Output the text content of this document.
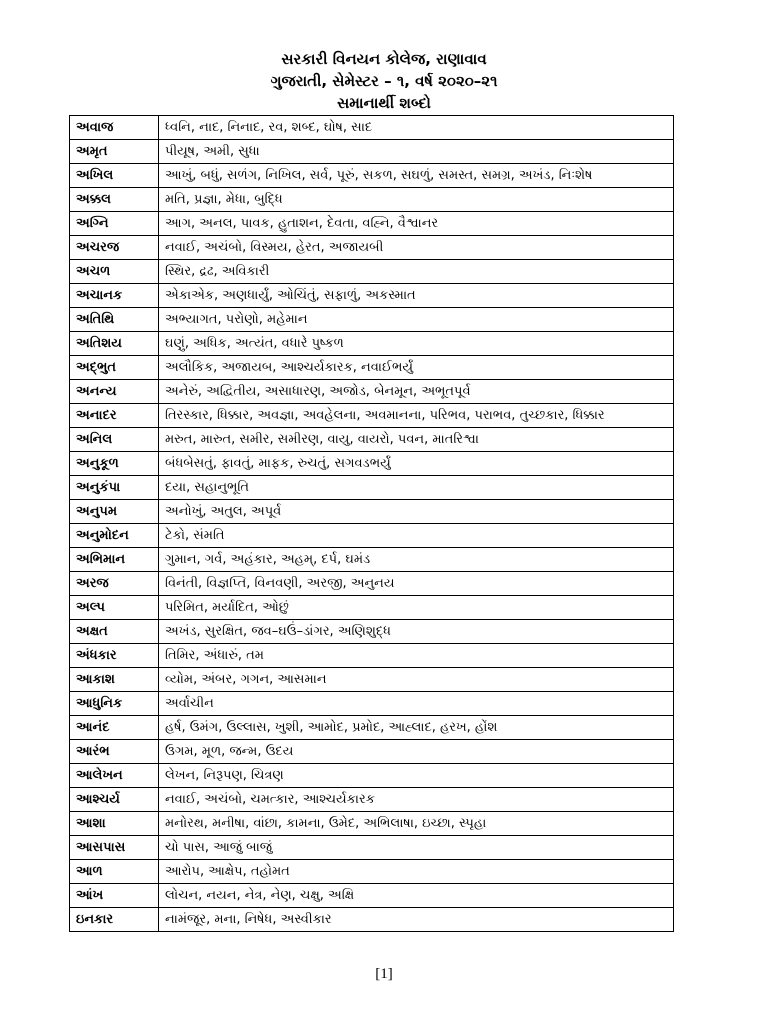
સરકારી વિનયન કોલેજ, રાણાવાવ
ગુજરાતી, સેમેસ્ટર – ૧, વર્ષ ૨૦૨૦–૨૧
સમાનાર્થી શબ્દો
અવાજ	ધ્વનિ, નાદ, નિનાદ, રવ, શબ્દ, ઘોષ, સાદ
અમૃત	પીયૂષ, અમી, સુધા
અખિલ	આખું, બધું, સળંગ, નિખિલ, સર્વ, પૂરું, સકળ, સઘળું, સમસ્ત, સમગ્ર, અખંડ, નિઃશેષ
અક્કલ	મતિ, પ્રજ્ઞા, મેધા, બુદ્ધિ
અગ્નિ	આગ, અનલ, પાવક, હુતાશન, દેવતા, વહ્નિ, વૈશ્વાનર
અચરજ	નવાઈ, અચંબો, વિસ્મય, હેરત, અજાયબી
અચળ	સ્થિર, દ્રઢ, અવિકારી
અચાનક	એકાએક, અણધાર્યું, ઓચિંતું, સફાળું, અકસ્માત
અતિથિ	અભ્યાગત, પરોણો, મહેમાન
અતિશય	ઘણું, અધિક, અત્યંત, વધારે પુષ્કળ
અદ્ભુત	અલૌકિક, અજાયબ, આશ્ચર્યકારક, નવાઈભર્યું
અનન્ય	અનેરું, અદ્વિતીય, અસાધારણ, અજોડ, બેનમૂન, અભૂતપૂર્વ
અનાદર	તિરસ્કાર, ધિક્કાર, અવજ્ઞા, અવહેલના, અવમાનના, પરિભવ, પરાભવ, તુચ્છકાર, ધિક્કાર
અનિલ	મરુત, મારુત, સમીર, સમીરણ, વાયુ, વાયરો, પવન, માતરિશ્વા
અનુકૂળ	બંધબેસતું, ફાવતું, માફક, રુચતું, સગવડભર્યું
અનુકંપા	દયા, સહાનુભૂતિ
અનુપમ	અનોખું, અતુલ, અપૂર્વ
અનુમોદન	ટેકો, સંમતિ
અભિમાન	ગુમાન, ગર્વ, અહંકાર, અહમ્, દર્પ, ઘમંડ
અરજ	વિનંતી, વિજ્ઞપ્તિ, વિનવણી, અરજી, અનુનય
અલ્પ	પરિમિત, મર્યાદિત, ઓછું
અક્ષત	અખંડ, સુરક્ષિત, જવ–ઘઉં–ડાંગર, અણિશુદ્ધ
અંધકાર	તિમિર, અંધારું, તમ
આકાશ	વ્યોમ, અંબર, ગગન, આસમાન
આધુનિક	અર્વાચીન
આનંદ	હર્ષ, ઉમંગ, ઉલ્લાસ, ખુશી, આમોદ, પ્રમોદ, આહ્લાદ, હરખ, હોંશ
આરંભ	ઉગમ, મૂળ, જન્મ, ઉદય
આલેખન	લેખન, નિરૂપણ, ચિત્રણ
આશ્ચર્ય	નવાઈ, અચંબો, ચમત્કાર, આશ્ચર્યકારક
આશા	મનોરથ, મનીષા, વાંછા, કામના, ઉમેદ, અભિલાષા, ઇચ્છા, સ્પૃહા
આસપાસ	ચો પાસ, આજું બાજું
આળ	આરોપ, આક્ષેપ, તહોમત
આંખ	લોચન, નયન, નેત્ર, નેણ, ચક્ષુ, અક્ષિ
ઇનકાર	નામંજૂર, મના, નિષેધ, અસ્વીકાર
[1]
